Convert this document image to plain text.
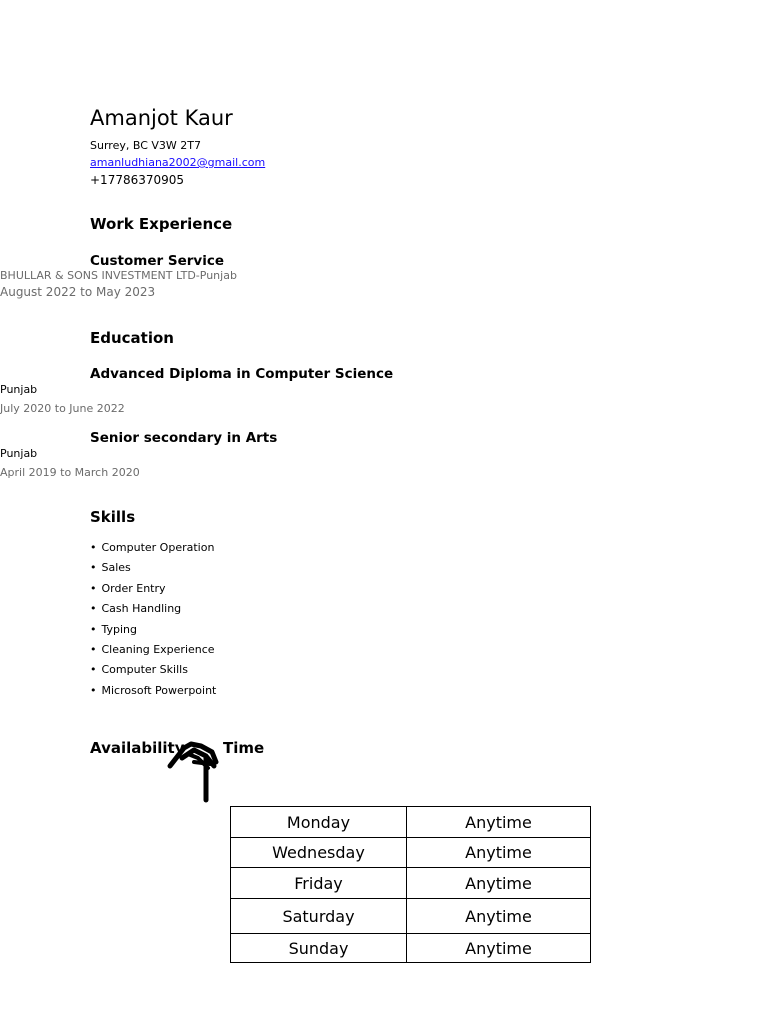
Amanjot Kaur
Surrey, BC V3W 2T7
amanludhiana2002@gmail.com
+17786370905
Work Experience
Customer Service
BHULLAR & SONS INVESTMENT LTD-Punjab
August 2022 to May 2023
Education
Advanced Diploma in Computer Science
Punjab
July 2020 to June 2022
Senior secondary in Arts
Punjab
April 2019 to March 2020
Skills
• Computer Operation
• Sales
• Order Entry
• Cash Handling
• Typing
• Cleaning Experience
• Computer Skills
• Microsoft Powerpoint
Availability	Time
Monday	Anytime
Wednesday	Anytime
Friday	Anytime
Saturday	Anytime
Sunday	Anytime
